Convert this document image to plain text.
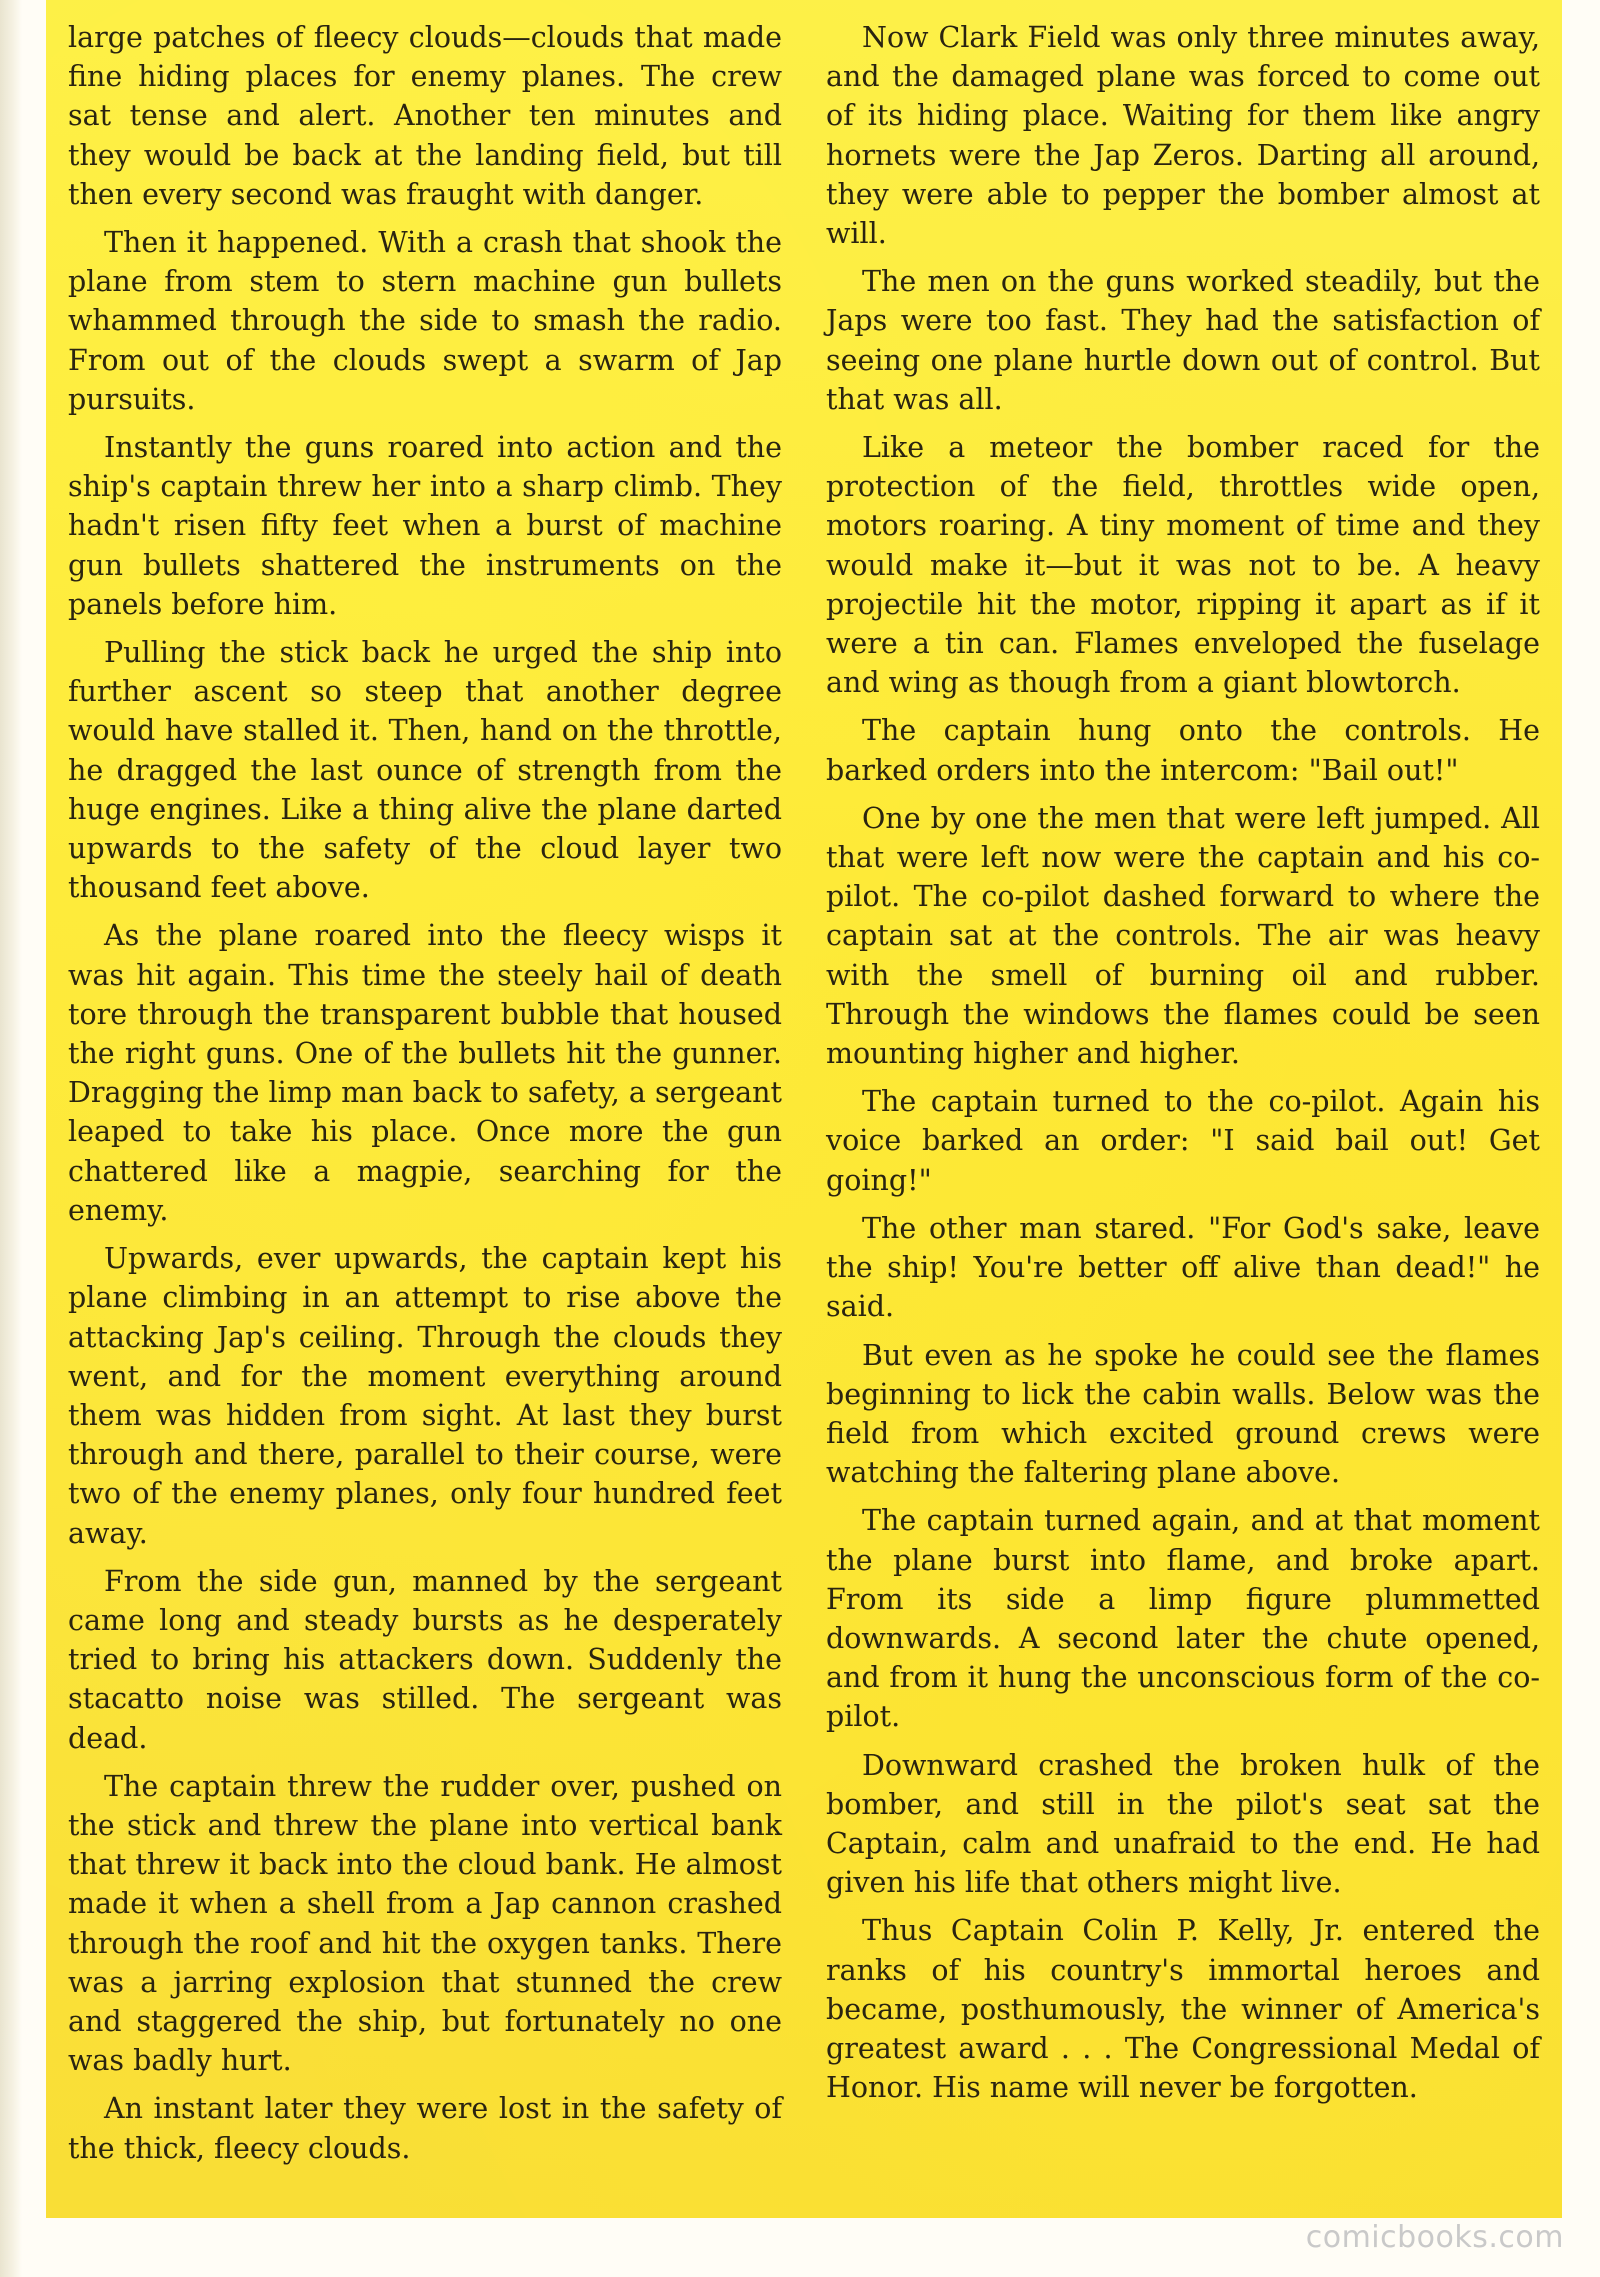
large patches of fleecy clouds—clouds that made fine hiding places for enemy planes. The crew sat tense and alert. Another ten minutes and they would be back at the landing field, but till then every second was fraught with danger.

Then it happened. With a crash that shook the plane from stem to stern machine gun bullets whammed through the side to smash the radio. From out of the clouds swept a swarm of Jap pursuits.

Instantly the guns roared into action and the ship's captain threw her into a sharp climb. They hadn't risen fifty feet when a burst of machine gun bullets shattered the instruments on the panels before him.

Pulling the stick back he urged the ship into further ascent so steep that another degree would have stalled it. Then, hand on the throttle, he dragged the last ounce of strength from the huge engines. Like a thing alive the plane darted upwards to the safety of the cloud layer two thousand feet above.

As the plane roared into the fleecy wisps it was hit again. This time the steely hail of death tore through the transparent bubble that housed the right guns. One of the bullets hit the gunner. Dragging the limp man back to safety, a sergeant leaped to take his place. Once more the gun chattered like a magpie, searching for the enemy.

Upwards, ever upwards, the captain kept his plane climbing in an attempt to rise above the attacking Jap's ceiling. Through the clouds they went, and for the moment everything around them was hidden from sight. At last they burst through and there, parallel to their course, were two of the enemy planes, only four hundred feet away.

From the side gun, manned by the sergeant came long and steady bursts as he desperately tried to bring his attackers down. Suddenly the stacatto noise was stilled. The sergeant was dead.

The captain threw the rudder over, pushed on the stick and threw the plane into vertical bank that threw it back into the cloud bank. He almost made it when a shell from a Jap cannon crashed through the roof and hit the oxygen tanks. There was a jarring explosion that stunned the crew and staggered the ship, but fortunately no one was badly hurt.

An instant later they were lost in the safety of the thick, fleecy clouds.

Now Clark Field was only three minutes away, and the damaged plane was forced to come out of its hiding place. Waiting for them like angry hornets were the Jap Zeros. Darting all around, they were able to pepper the bomber almost at will.

The men on the guns worked steadily, but the Japs were too fast. They had the satisfaction of seeing one plane hurtle down out of control. But that was all.

Like a meteor the bomber raced for the protection of the field, throttles wide open, motors roaring. A tiny moment of time and they would make it—but it was not to be. A heavy projectile hit the motor, ripping it apart as if it were a tin can. Flames enveloped the fuselage and wing as though from a giant blowtorch.

The captain hung onto the controls. He barked orders into the intercom: "Bail out!"

One by one the men that were left jumped. All that were left now were the captain and his co-pilot. The co-pilot dashed forward to where the captain sat at the controls. The air was heavy with the smell of burning oil and rubber. Through the windows the flames could be seen mounting higher and higher.

The captain turned to the co-pilot. Again his voice barked an order: "I said bail out! Get going!"

The other man stared. "For God's sake, leave the ship! You're better off alive than dead!" he said.

But even as he spoke he could see the flames beginning to lick the cabin walls. Below was the field from which excited ground crews were watching the faltering plane above.

The captain turned again, and at that moment the plane burst into flame, and broke apart. From its side a limp figure plummetted downwards. A second later the chute opened, and from it hung the unconscious form of the co-pilot.

Downward crashed the broken hulk of the bomber, and still in the pilot's seat sat the Captain, calm and unafraid to the end. He had given his life that others might live.

Thus Captain Colin P. Kelly, Jr. entered the ranks of his country's immortal heroes and became, posthumously, the winner of America's greatest award . . . The Congressional Medal of Honor. His name will never be forgotten.

comicbooks.com
